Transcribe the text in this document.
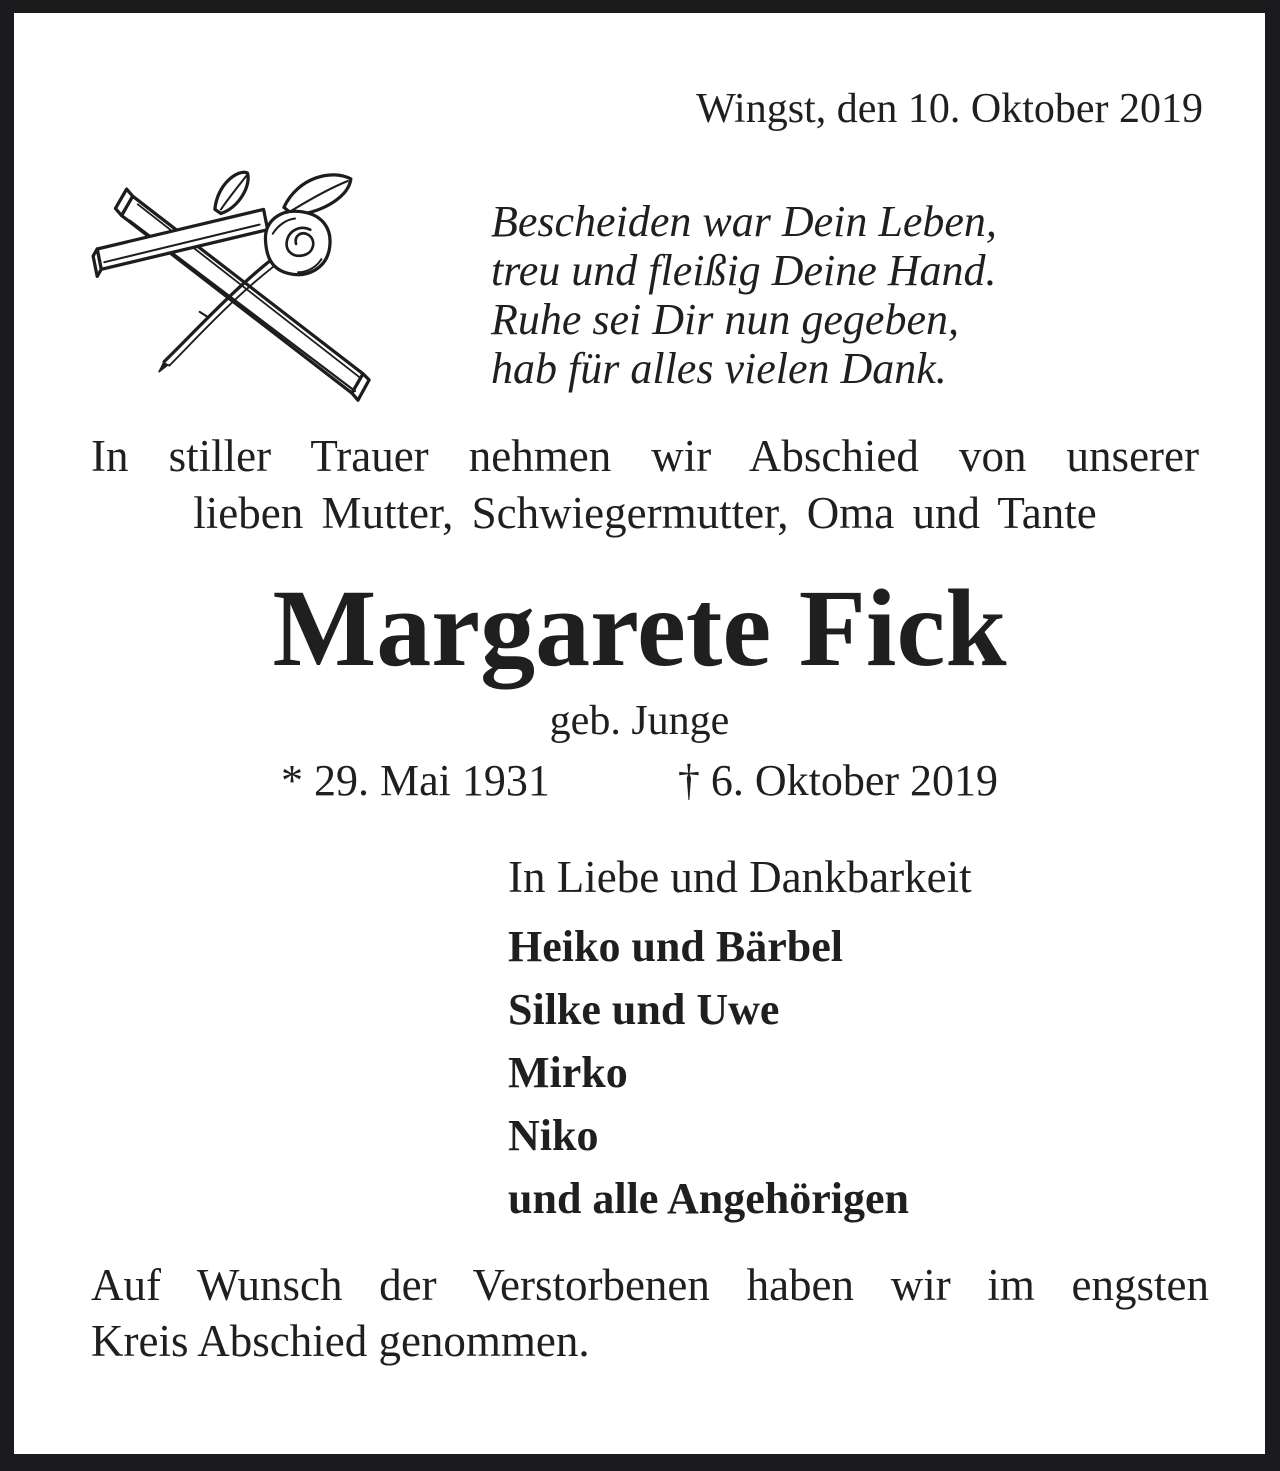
Wingst, den 10. Oktober 2019
Bescheiden war Dein Leben,
treu und fleißig Deine Hand.
Ruhe sei Dir nun gegeben,
hab für alles vielen Dank.
In stiller Trauer nehmen wir Abschied von unserer
lieben Mutter, Schwiegermutter, Oma und Tante
Margarete Fick
geb. Junge
* 29. Mai 1931	† 6. Oktober 2019
In Liebe und Dankbarkeit
Heiko und Bärbel
Silke und Uwe
Mirko
Niko
und alle Angehörigen
Auf Wunsch der Verstorbenen haben wir im engsten
Kreis Abschied genommen.
